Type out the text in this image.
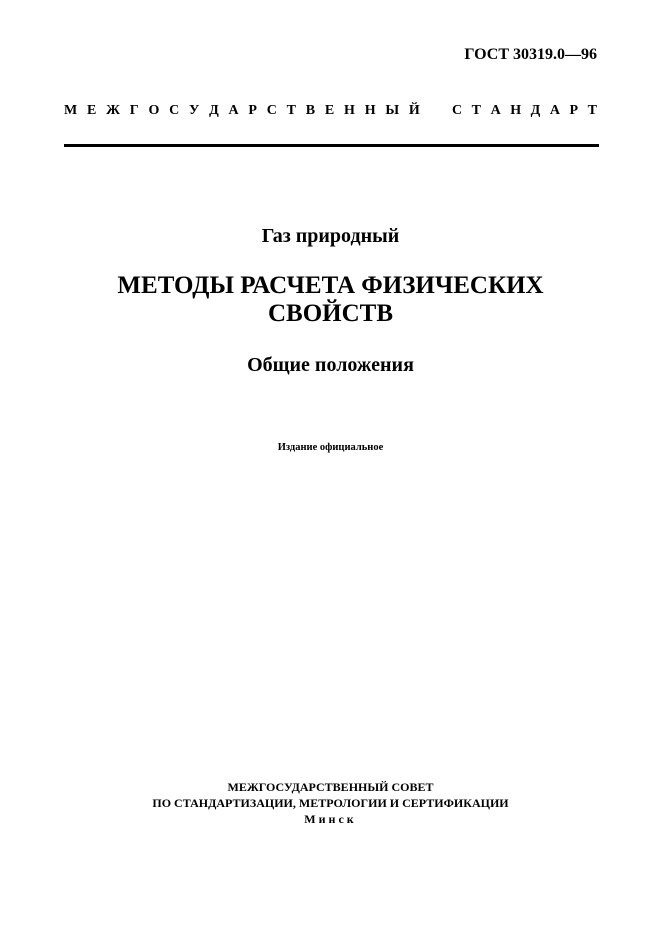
ГОСТ 30319.0—96
М Е Ж Г О С У Д А Р С Т В Е Н Н Ы Й С Т А Н Д А Р Т
Газ природный
МЕТОДЫ РАСЧЕТА ФИЗИЧЕСКИХ
СВОЙСТВ
Общие положения
Издание официальное
МЕЖГОСУДАРСТВЕННЫЙ СОВЕТ
ПО СТАНДАРТИЗАЦИИ, МЕТРОЛОГИИ И СЕРТИФИКАЦИИ
Минск
